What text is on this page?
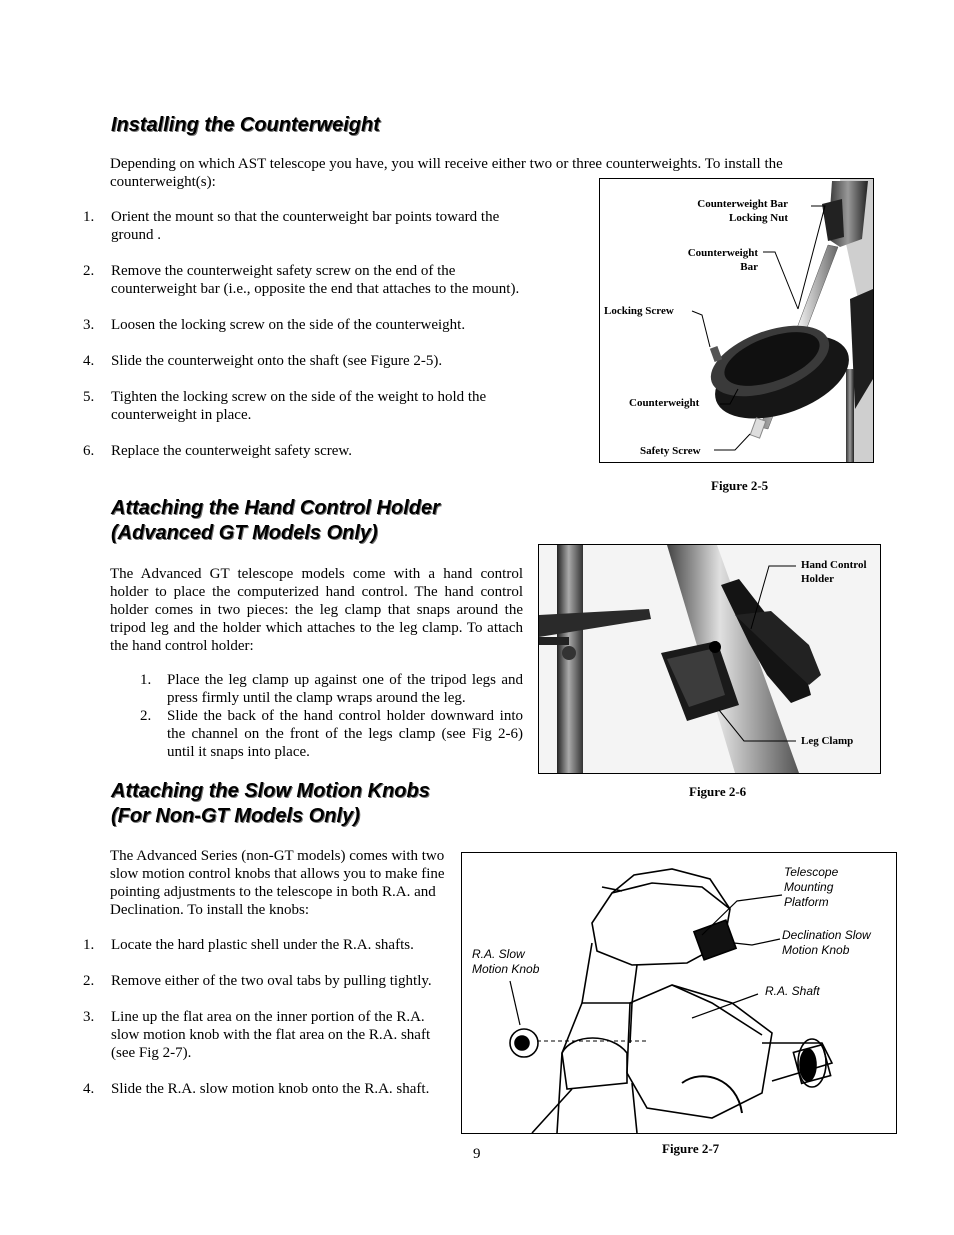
Installing the Counterweight

Depending on which AST telescope you have, you will receive either two or three counterweights. To install the counterweight(s):

1. Orient the mount so that the counterweight bar points toward the ground .
2. Remove the counterweight safety screw on the end of the counterweight bar (i.e., opposite the end that attaches to the mount).
3. Loosen the locking screw on the side of the counterweight.
4. Slide the counterweight onto the shaft (see Figure 2-5).
5. Tighten the locking screw on the side of the weight to hold the counterweight in place.
6. Replace the counterweight safety screw.
Counterweight Bar
Locking Nut
Counterweight
Bar
Locking Screw
Counterweight
Safety Screw
Figure 2-5
Attaching the Hand Control Holder
(Advanced GT Models Only)

The Advanced GT telescope models come with a hand control holder to place the computerized hand control. The hand control holder comes in two pieces: the leg clamp that snaps around the tripod leg and the holder which attaches to the leg clamp. To attach the hand control holder:

1. Place the leg clamp up against one of the tripod legs and press firmly until the clamp wraps around the leg.
2. Slide the back of the hand control holder downward into the channel on the front of the legs clamp (see Fig 2-6) until it snaps into place.
Hand Control
Holder
Leg Clamp
Figure 2-6
Attaching the Slow Motion Knobs
(For Non-GT Models Only)

The Advanced Series (non-GT models) comes with two slow motion control knobs that allows you to make fine pointing adjustments to the telescope in both R.A. and Declination. To install the knobs:

1. Locate the hard plastic shell under the R.A. shafts.
2. Remove either of the two oval tabs by pulling tightly.
3. Line up the flat area on the inner portion of the R.A. slow motion knob with the flat area on the R.A. shaft (see Fig 2-7).
4. Slide the R.A. slow motion knob onto the R.A. shaft.
Telescope
Mounting
Platform
Declination Slow
Motion Knob
R.A. Slow
Motion Knob
R.A. Shaft
Figure 2-7
9
